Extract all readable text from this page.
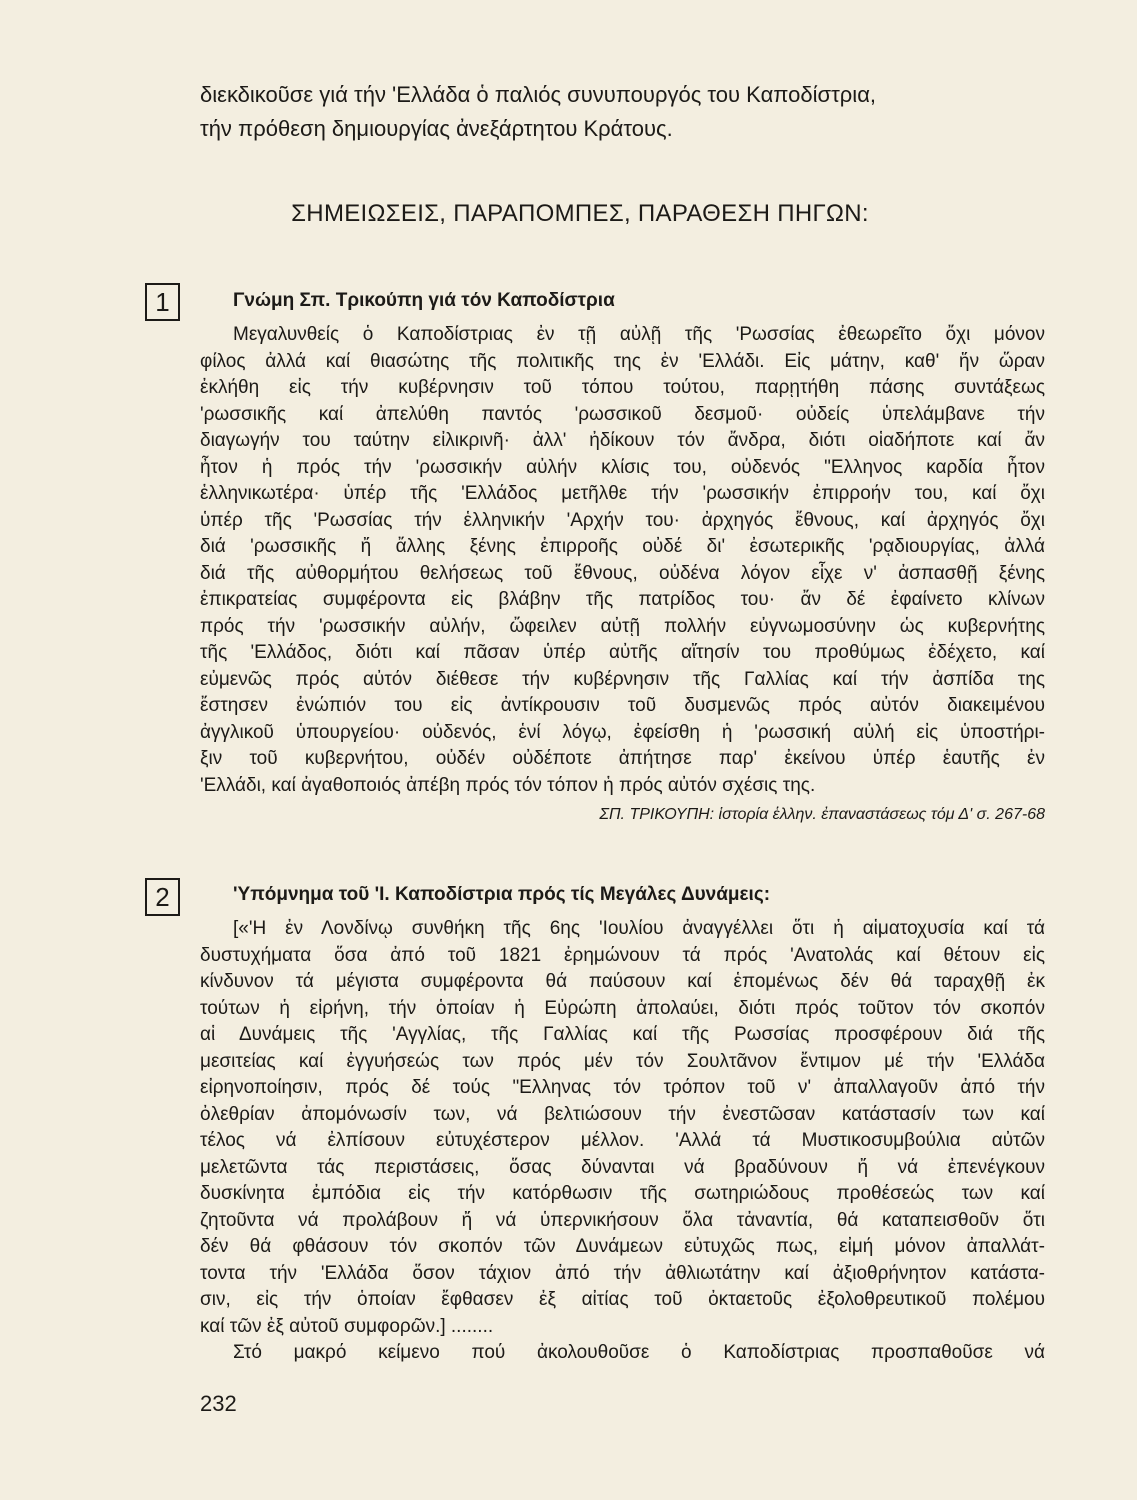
διεκδικοῦσε γιά τήν 'Ελλάδα ὁ παλιός συνυπουργός του Καποδίστρια,

τήν πρόθεση δημιουργίας ἀνεξάρτητου Κράτους.

ΣΗΜΕΙΩΣΕΙΣ, ΠΑΡΑΠΟΜΠΕΣ, ΠΑΡΑΘΕΣΗ ΠΗΓΩΝ:
1	Γνώμη Σπ. Τρικούπη γιά τόν Καποδίστρια

Μεγαλυνθείς ὁ Καποδίστριας ἐν τῇ αὐλῇ τῆς 'Ρωσσίας ἐθεωρεῖτο ὄχι μόνον

φίλος ἀλλά καί θιασώτης τῆς πολιτικῆς της ἐν 'Ελλάδι. Εἰς μάτην, καθ' ἥν ὥραν

ἐκλήθη εἰς τήν κυβέρνησιν τοῦ τόπου τούτου, παρῃτήθη πάσης συντάξεως

'ρωσσικῆς καί ἀπελύθη παντός 'ρωσσικοῦ δεσμοῦ· οὐδείς ὑπελάμβανε τήν

διαγωγήν του ταύτην εἰλικρινῆ· ἀλλ' ἠδίκουν τόν ἄνδρα, διότι οἱαδήποτε καί ἄν

ἦτον ἡ πρός τήν 'ρωσσικήν αὐλήν κλίσις του, οὐδενός "Ελληνος καρδία ἦτον

ἑλληνικωτέρα· ὑπέρ τῆς 'Ελλάδος μετῆλθε τήν 'ρωσσικήν ἐπιρροήν του, καί ὄχι

ὑπέρ τῆς 'Ρωσσίας τήν ἑλληνικήν 'Αρχήν του· ἀρχηγός ἔθνους, καί ἀρχηγός ὄχι

διά 'ρωσσικῆς ἤ ἄλλης ξένης ἐπιρροῆς οὐδέ δι' ἐσωτερικῆς 'ρᾳδιουργίας, ἀλλά

διά τῆς αὐθορμήτου θελήσεως τοῦ ἔθνους, οὐδένα λόγον εἶχε ν' ἀσπασθῇ ξένης

ἐπικρατείας συμφέροντα εἰς βλάβην τῆς πατρίδος του· ἄν δέ ἐφαίνετο κλίνων

πρός τήν 'ρωσσικήν αὐλήν, ὤφειλεν αὐτῇ πολλήν εὐγνωμοσύνην ὡς κυβερνήτης

τῆς 'Ελλάδος, διότι καί πᾶσαν ὑπέρ αὐτῆς αἴτησίν του προθύμως ἐδέχετο, καί

εὐμενῶς πρός αὐτόν διέθεσε τήν κυβέρνησιν τῆς Γαλλίας καί τήν ἀσπίδα της

ἔστησεν ἐνώπιόν του εἰς ἀντίκρουσιν τοῦ δυσμενῶς πρός αὐτόν διακειμένου

ἀγγλικοῦ ὑπουργείου· οὐδενός, ἑνί λόγῳ, ἐφείσθη ἡ 'ρωσσική αὐλή εἰς ὑποστήρι-

ξιν τοῦ κυβερνήτου, οὐδέν οὐδέποτε ἀπήτησε παρ' ἐκείνου ὑπέρ ἑαυτῆς ἐν

'Ελλάδι, καί ἀγαθοποιός ἀπέβη πρός τόν τόπον ἡ πρός αὐτόν σχέσις της.

ΣΠ. ΤΡΙΚΟΥΠΗ: ἱστορία ἑλλην. ἐπαναστάσεως τόμ Δ' σ. 267-68
2	'Υπόμνημα τοῦ 'Ι. Καποδίστρια πρός τίς Μεγάλες Δυνάμεις:

[«'Η ἐν Λονδίνῳ συνθήκη τῆς 6ης 'Ιουλίου ἀναγγέλλει ὅτι ἡ αἱματοχυσία καί τά

δυστυχήματα ὅσα ἀπό τοῦ 1821 ἐρημώνουν τά πρός 'Ανατολάς καί θέτουν εἰς

κίνδυνον τά μέγιστα συμφέροντα θά παύσουν καί ἑπομένως δέν θά ταραχθῇ ἐκ

τούτων ἡ εἰρήνη, τήν ὁποίαν ἡ Εὐρώπη ἀπολαύει, διότι πρός τοῦτον τόν σκοπόν

αἱ Δυνάμεις τῆς 'Αγγλίας, τῆς Γαλλίας καί τῆς Ρωσσίας προσφέρουν διά τῆς

μεσιτείας καί ἐγγυήσεώς των πρός μέν τόν Σουλτᾶνον ἔντιμον μέ τήν 'Ελλάδα

εἰρηνοποίησιν, πρός δέ τούς "Ελληνας τόν τρόπον τοῦ ν' ἀπαλλαγοῦν ἀπό τήν

ὀλεθρίαν ἀπομόνωσίν των, νά βελτιώσουν τήν ἐνεστῶσαν κατάστασίν των καί

τέλος νά ἐλπίσουν εὐτυχέστερον μέλλον. 'Αλλά τά Μυστικοσυμβούλια αὐτῶν

μελετῶντα τάς περιστάσεις, ὅσας δύνανται νά βραδύνουν ἤ νά ἐπενέγκουν

δυσκίνητα ἐμπόδια εἰς τήν κατόρθωσιν τῆς σωτηριώδους προθέσεώς των καί

ζητοῦντα νά προλάβουν ἤ νά ὑπερνικήσουν ὅλα τἀναντία, θά καταπεισθοῦν ὅτι

δέν θά φθάσουν τόν σκοπόν τῶν Δυνάμεων εὐτυχῶς πως, εἰμή μόνον ἀπαλλάτ-

τοντα τήν 'Ελλάδα ὅσον τάχιον ἀπό τήν ἀθλιωτάτην καί ἀξιοθρήνητον κατάστα-

σιν, εἰς τήν ὁποίαν ἔφθασεν ἐξ αἰτίας τοῦ ὀκταετοῦς ἐξολοθρευτικοῦ πολέμου

καί τῶν ἐξ αὐτοῦ συμφορῶν.] ........

Στό μακρό κείμενο πού ἀκολουθοῦσε ὁ Καποδίστριας προσπαθοῦσε νά

232
